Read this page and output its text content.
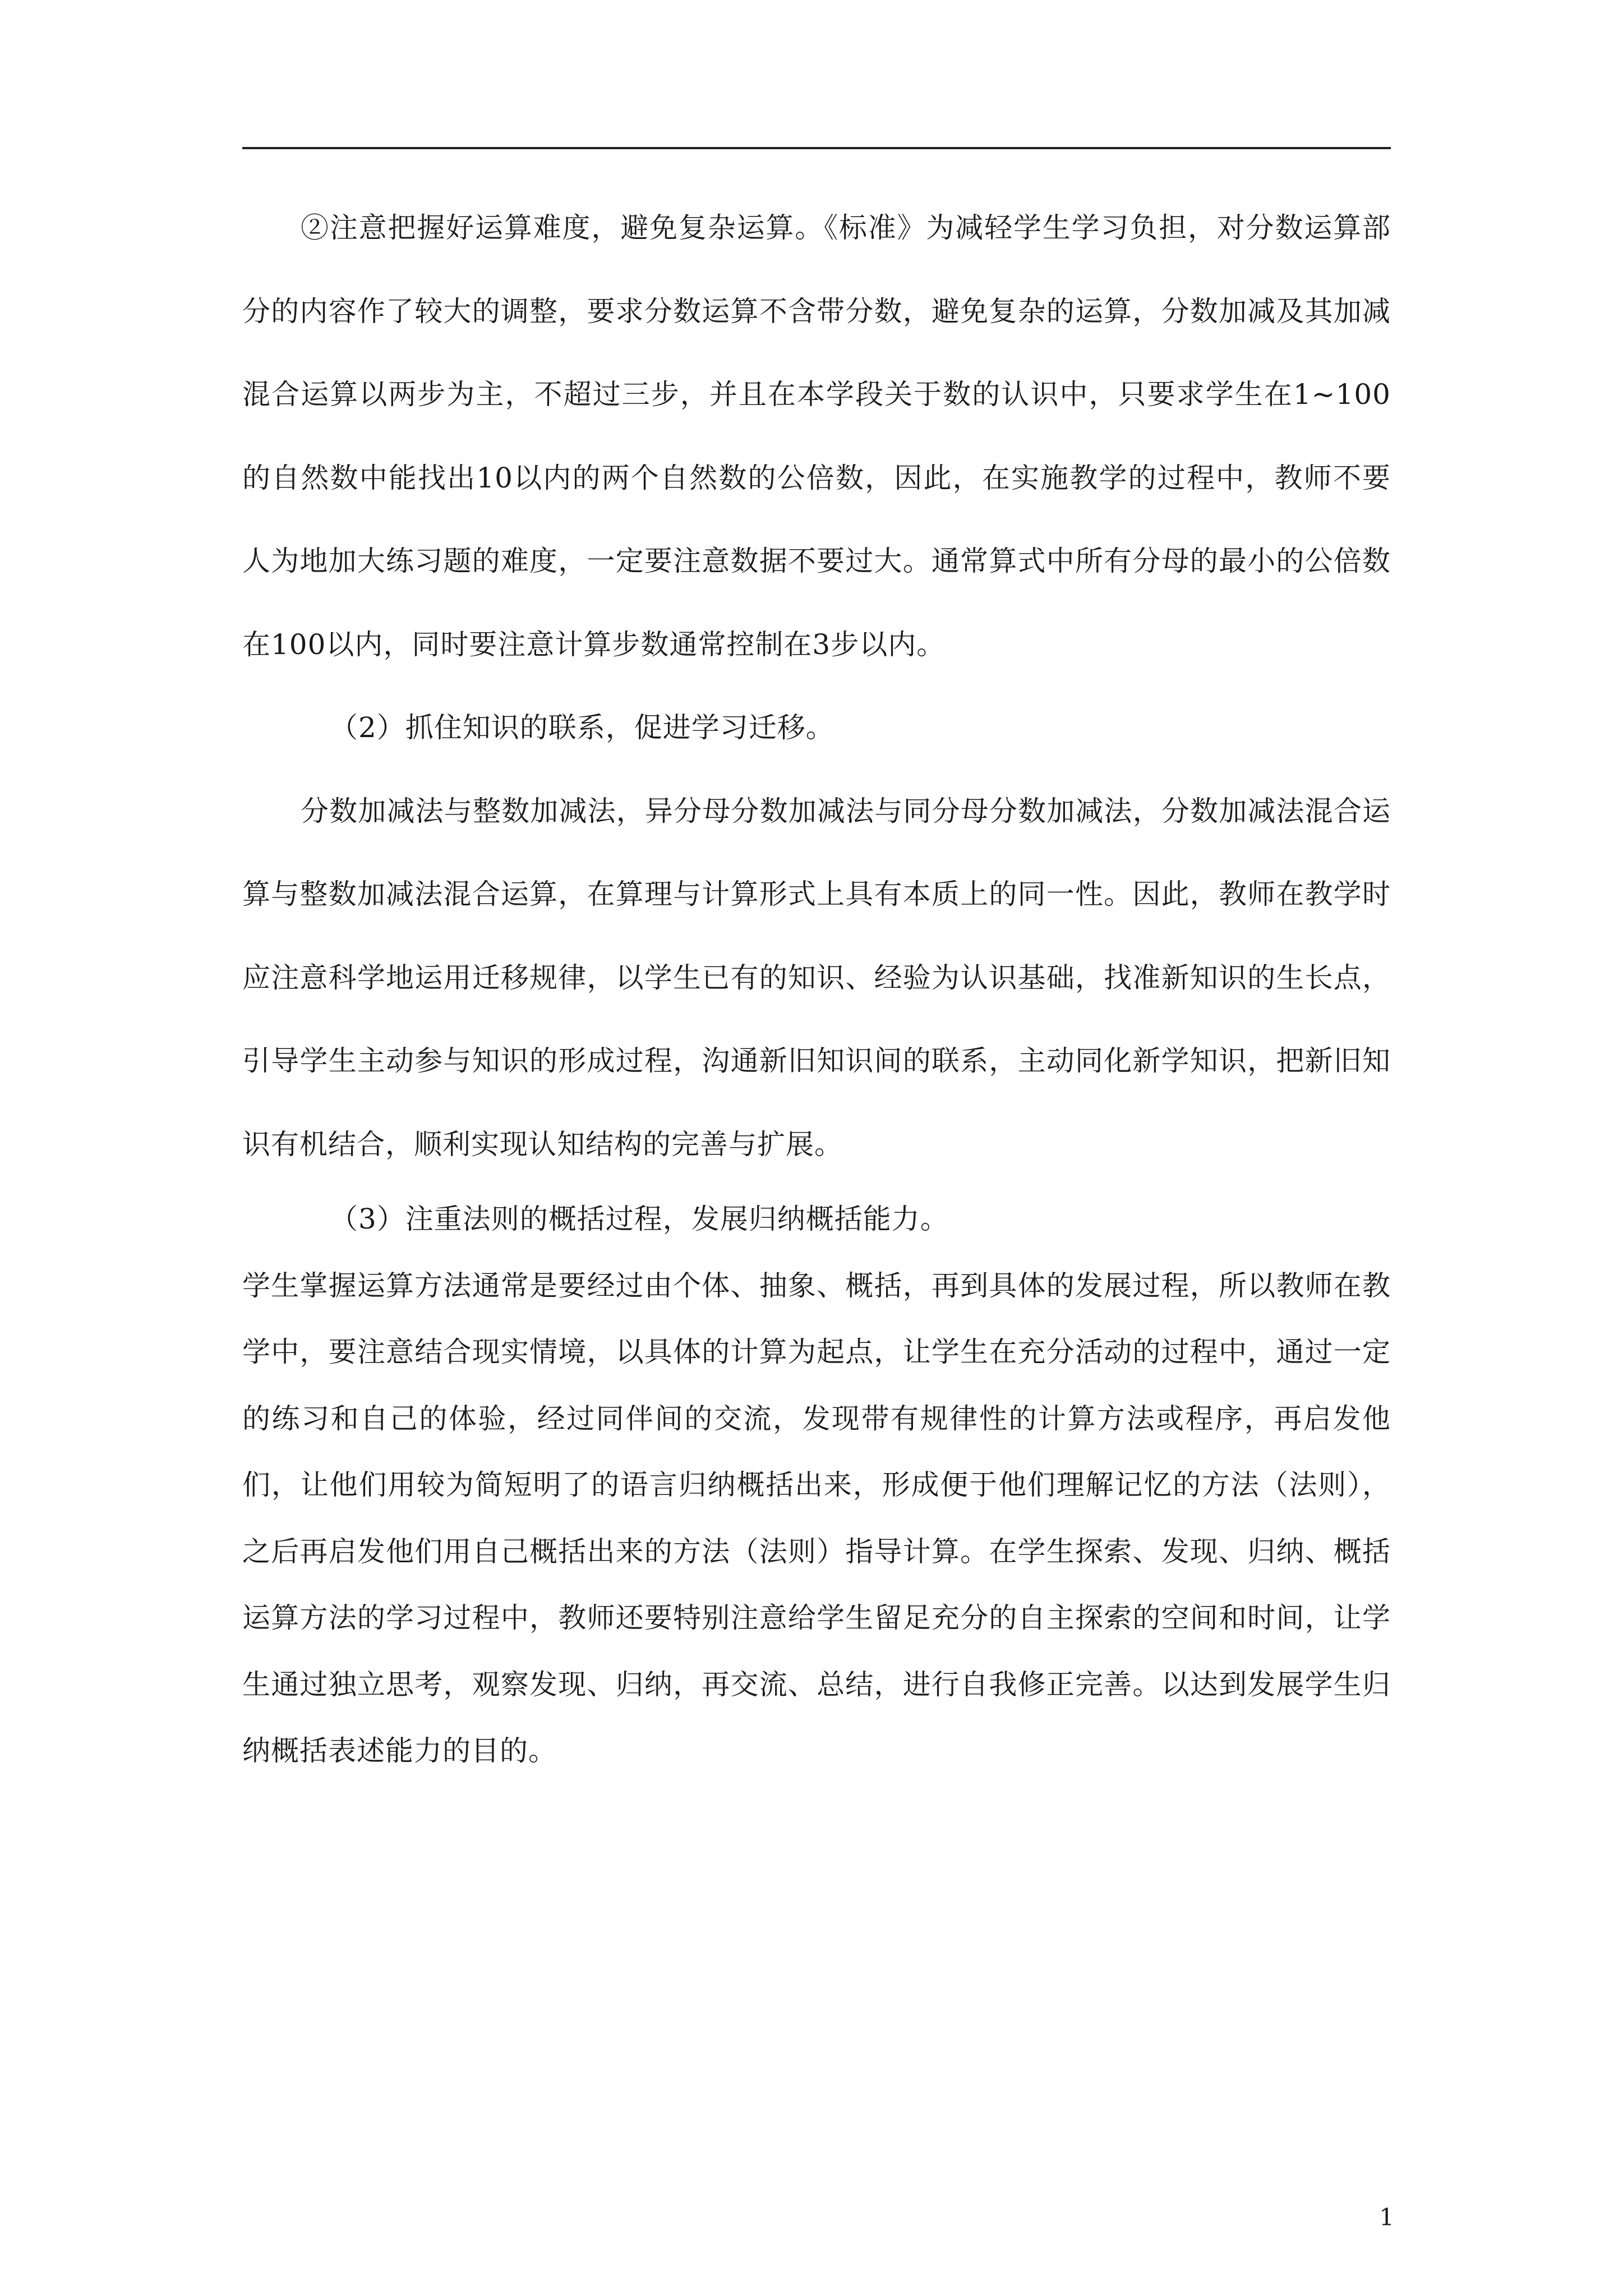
②注意把握好运算难度，避免复杂运算。《标准》为减轻学生学习负担，对分数运算部分的内容作了较大的调整，要求分数运算不含带分数，避免复杂的运算，分数加减及其加减混合运算以两步为主，不超过三步，并且在本学段关于数的认识中，只要求学生在1~100的自然数中能找出10以内的两个自然数的公倍数，因此，在实施教学的过程中，教师不要人为地加大练习题的难度，一定要注意数据不要过大。通常算式中所有分母的最小的公倍数在100以内，同时要注意计算步数通常控制在3步以内。

（2）抓住知识的联系，促进学习迁移。

分数加减法与整数加减法，异分母分数加减法与同分母分数加减法，分数加减法混合运算与整数加减法混合运算，在算理与计算形式上具有本质上的同一性。因此，教师在教学时应注意科学地运用迁移规律，以学生已有的知识、经验为认识基础，找准新知识的生长点，引导学生主动参与知识的形成过程，沟通新旧知识间的联系，主动同化新学知识，把新旧知识有机结合，顺利实现认知结构的完善与扩展。

（3）注重法则的概括过程，发展归纳概括能力。

学生掌握运算方法通常是要经过由个体、抽象、概括，再到具体的发展过程，所以教师在教学中，要注意结合现实情境，以具体的计算为起点，让学生在充分活动的过程中，通过一定的练习和自己的体验，经过同伴间的交流，发现带有规律性的计算方法或程序，再启发他们，让他们用较为简短明了的语言归纳概括出来，形成便于他们理解记忆的方法（法则），之后再启发他们用自己概括出来的方法（法则）指导计算。在学生探索、发现、归纳、概括运算方法的学习过程中，教师还要特别注意给学生留足充分的自主探索的空间和时间，让学生通过独立思考，观察发现、归纳，再交流、总结，进行自我修正完善。以达到发展学生归纳概括表述能力的目的。

1
